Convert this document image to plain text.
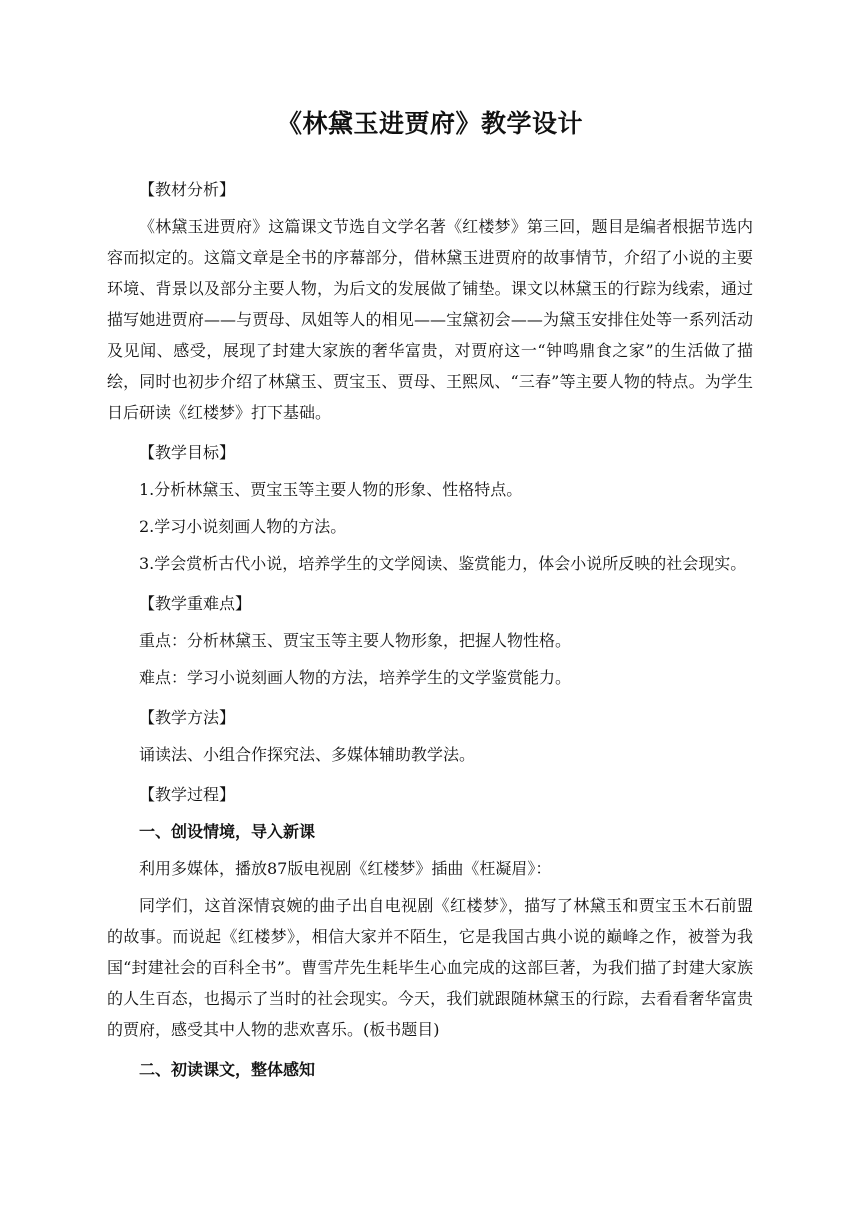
《林黛玉进贾府》教学设计

【教材分析】

《林黛玉进贾府》这篇课文节选自文学名著《红楼梦》第三回，题目是编者根据节选内容而拟定的。这篇文章是全书的序幕部分，借林黛玉进贾府的故事情节，介绍了小说的主要环境、背景以及部分主要人物，为后文的发展做了铺垫。课文以林黛玉的行踪为线索，通过描写她进贾府——与贾母、凤姐等人的相见——宝黛初会——为黛玉安排住处等一系列活动及见闻、感受，展现了封建大家族的奢华富贵，对贾府这一“钟鸣鼎食之家”的生活做了描绘，同时也初步介绍了林黛玉、贾宝玉、贾母、王熙凤、“三春”等主要人物的特点。为学生日后研读《红楼梦》打下基础。

【教学目标】

1.分析林黛玉、贾宝玉等主要人物的形象、性格特点。

2.学习小说刻画人物的方法。

3.学会赏析古代小说，培养学生的文学阅读、鉴赏能力，体会小说所反映的社会现实。

【教学重难点】

重点：分析林黛玉、贾宝玉等主要人物形象，把握人物性格。

难点：学习小说刻画人物的方法，培养学生的文学鉴赏能力。

【教学方法】

诵读法、小组合作探究法、多媒体辅助教学法。

【教学过程】

一、创设情境，导入新课

利用多媒体，播放87版电视剧《红楼梦》插曲《枉凝眉》：

同学们，这首深情哀婉的曲子出自电视剧《红楼梦》，描写了林黛玉和贾宝玉木石前盟的故事。而说起《红楼梦》，相信大家并不陌生，它是我国古典小说的巅峰之作，被誉为我国“封建社会的百科全书”。曹雪芹先生耗毕生心血完成的这部巨著，为我们描了封建大家族的人生百态，也揭示了当时的社会现实。今天，我们就跟随林黛玉的行踪，去看看奢华富贵的贾府，感受其中人物的悲欢喜乐。(板书题目)

二、初读课文，整体感知
